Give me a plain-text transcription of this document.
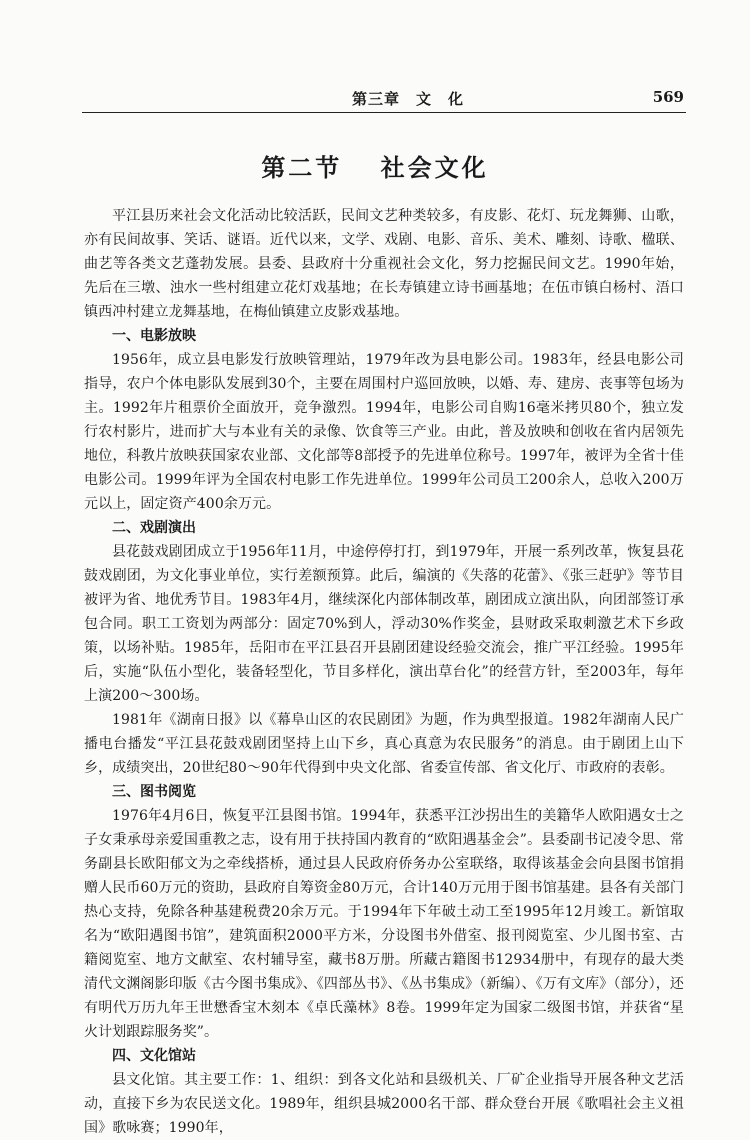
第三章　文　化	569
第二节　 社会文化

平江县历来社会文化活动比较活跃，民间文艺种类较多，有皮影、花灯、玩龙舞狮、山歌，亦有民间故事、笑话、谜语。近代以来，文学、戏剧、电影、音乐、美术、雕刻、诗歌、楹联、曲艺等各类文艺蓬勃发展。县委、县政府十分重视社会文化，努力挖掘民间文艺。1990年始，先后在三墩、浊水一些村组建立花灯戏基地；在长寿镇建立诗书画基地；在伍市镇白杨村、浯口镇西冲村建立龙舞基地，在梅仙镇建立皮影戏基地。

一、电影放映

1956年，成立县电影发行放映管理站，1979年改为县电影公司。1983年，经县电影公司指导，农户个体电影队发展到30个，主要在周围村户巡回放映，以婚、寿、建房、丧事等包场为主。1992年片租票价全面放开，竞争激烈。1994年，电影公司自购16毫米拷贝80个，独立发行农村影片，进而扩大与本业有关的录像、饮食等三产业。由此，普及放映和创收在省内居领先地位，科教片放映获国家农业部、文化部等8部授予的先进单位称号。1997年，被评为全省十佳电影公司。1999年评为全国农村电影工作先进单位。1999年公司员工200余人，总收入200万元以上，固定资产400余万元。

二、戏剧演出

县花鼓戏剧团成立于1956年11月，中途停停打打，到1979年，开展一系列改革，恢复县花鼓戏剧团，为文化事业单位，实行差额预算。此后，编演的《失落的花蕾》、《张三赶驴》等节目被评为省、地优秀节目。1983年4月，继续深化内部体制改革，剧团成立演出队，向团部签订承包合同。职工工资划为两部分：固定70%到人，浮动30%作奖金，县财政采取刺激艺术下乡政策，以场补贴。1985年，岳阳市在平江县召开县剧团建设经验交流会，推广平江经验。1995年后，实施“队伍小型化，装备轻型化，节目多样化，演出草台化”的经营方针，至2003年，每年上演200～300场。

1981年《湖南日报》以《幕阜山区的农民剧团》为题，作为典型报道。1982年湖南人民广播电台播发“平江县花鼓戏剧团坚持上山下乡，真心真意为农民服务”的消息。由于剧团上山下乡，成绩突出，20世纪80～90年代得到中央文化部、省委宣传部、省文化厅、市政府的表彰。

三、图书阅览

1976年4月6日，恢复平江县图书馆。1994年，获悉平江沙拐出生的美籍华人欧阳遇女士之子女秉承母亲爱国重教之志，设有用于扶持国内教育的“欧阳遇基金会”。县委副书记凌令思、常务副县长欧阳郁文为之牵线搭桥，通过县人民政府侨务办公室联络，取得该基金会向县图书馆捐赠人民币60万元的资助，县政府自筹资金80万元，合计140万元用于图书馆基建。县各有关部门热心支持，免除各种基建税费20余万元。于1994年下年破土动工至1995年12月竣工。新馆取名为“欧阳遇图书馆”，建筑面积2000平方米，分设图书外借室、报刊阅览室、少儿图书室、古籍阅览室、地方文献室、农村辅导室，藏书8万册。所藏古籍图书12934册中，有现存的最大类清代文渊阁影印版《古今图书集成》、《四部丛书》、《丛书集成》（新编）、《万有文库》（部分），还有明代万历九年王世懋香宝木刻本《卓氏藻林》8卷。1999年定为国家二级图书馆，并获省“星火计划跟踪服务奖”。

四、文化馆站

县文化馆。其主要工作：1、组织：到各文化站和县级机关、厂矿企业指导开展各种文艺活动，直接下乡为农民送文化。1989年，组织县城2000名干部、群众登台开展《歌唱社会主义祖国》歌咏赛；1990年，
